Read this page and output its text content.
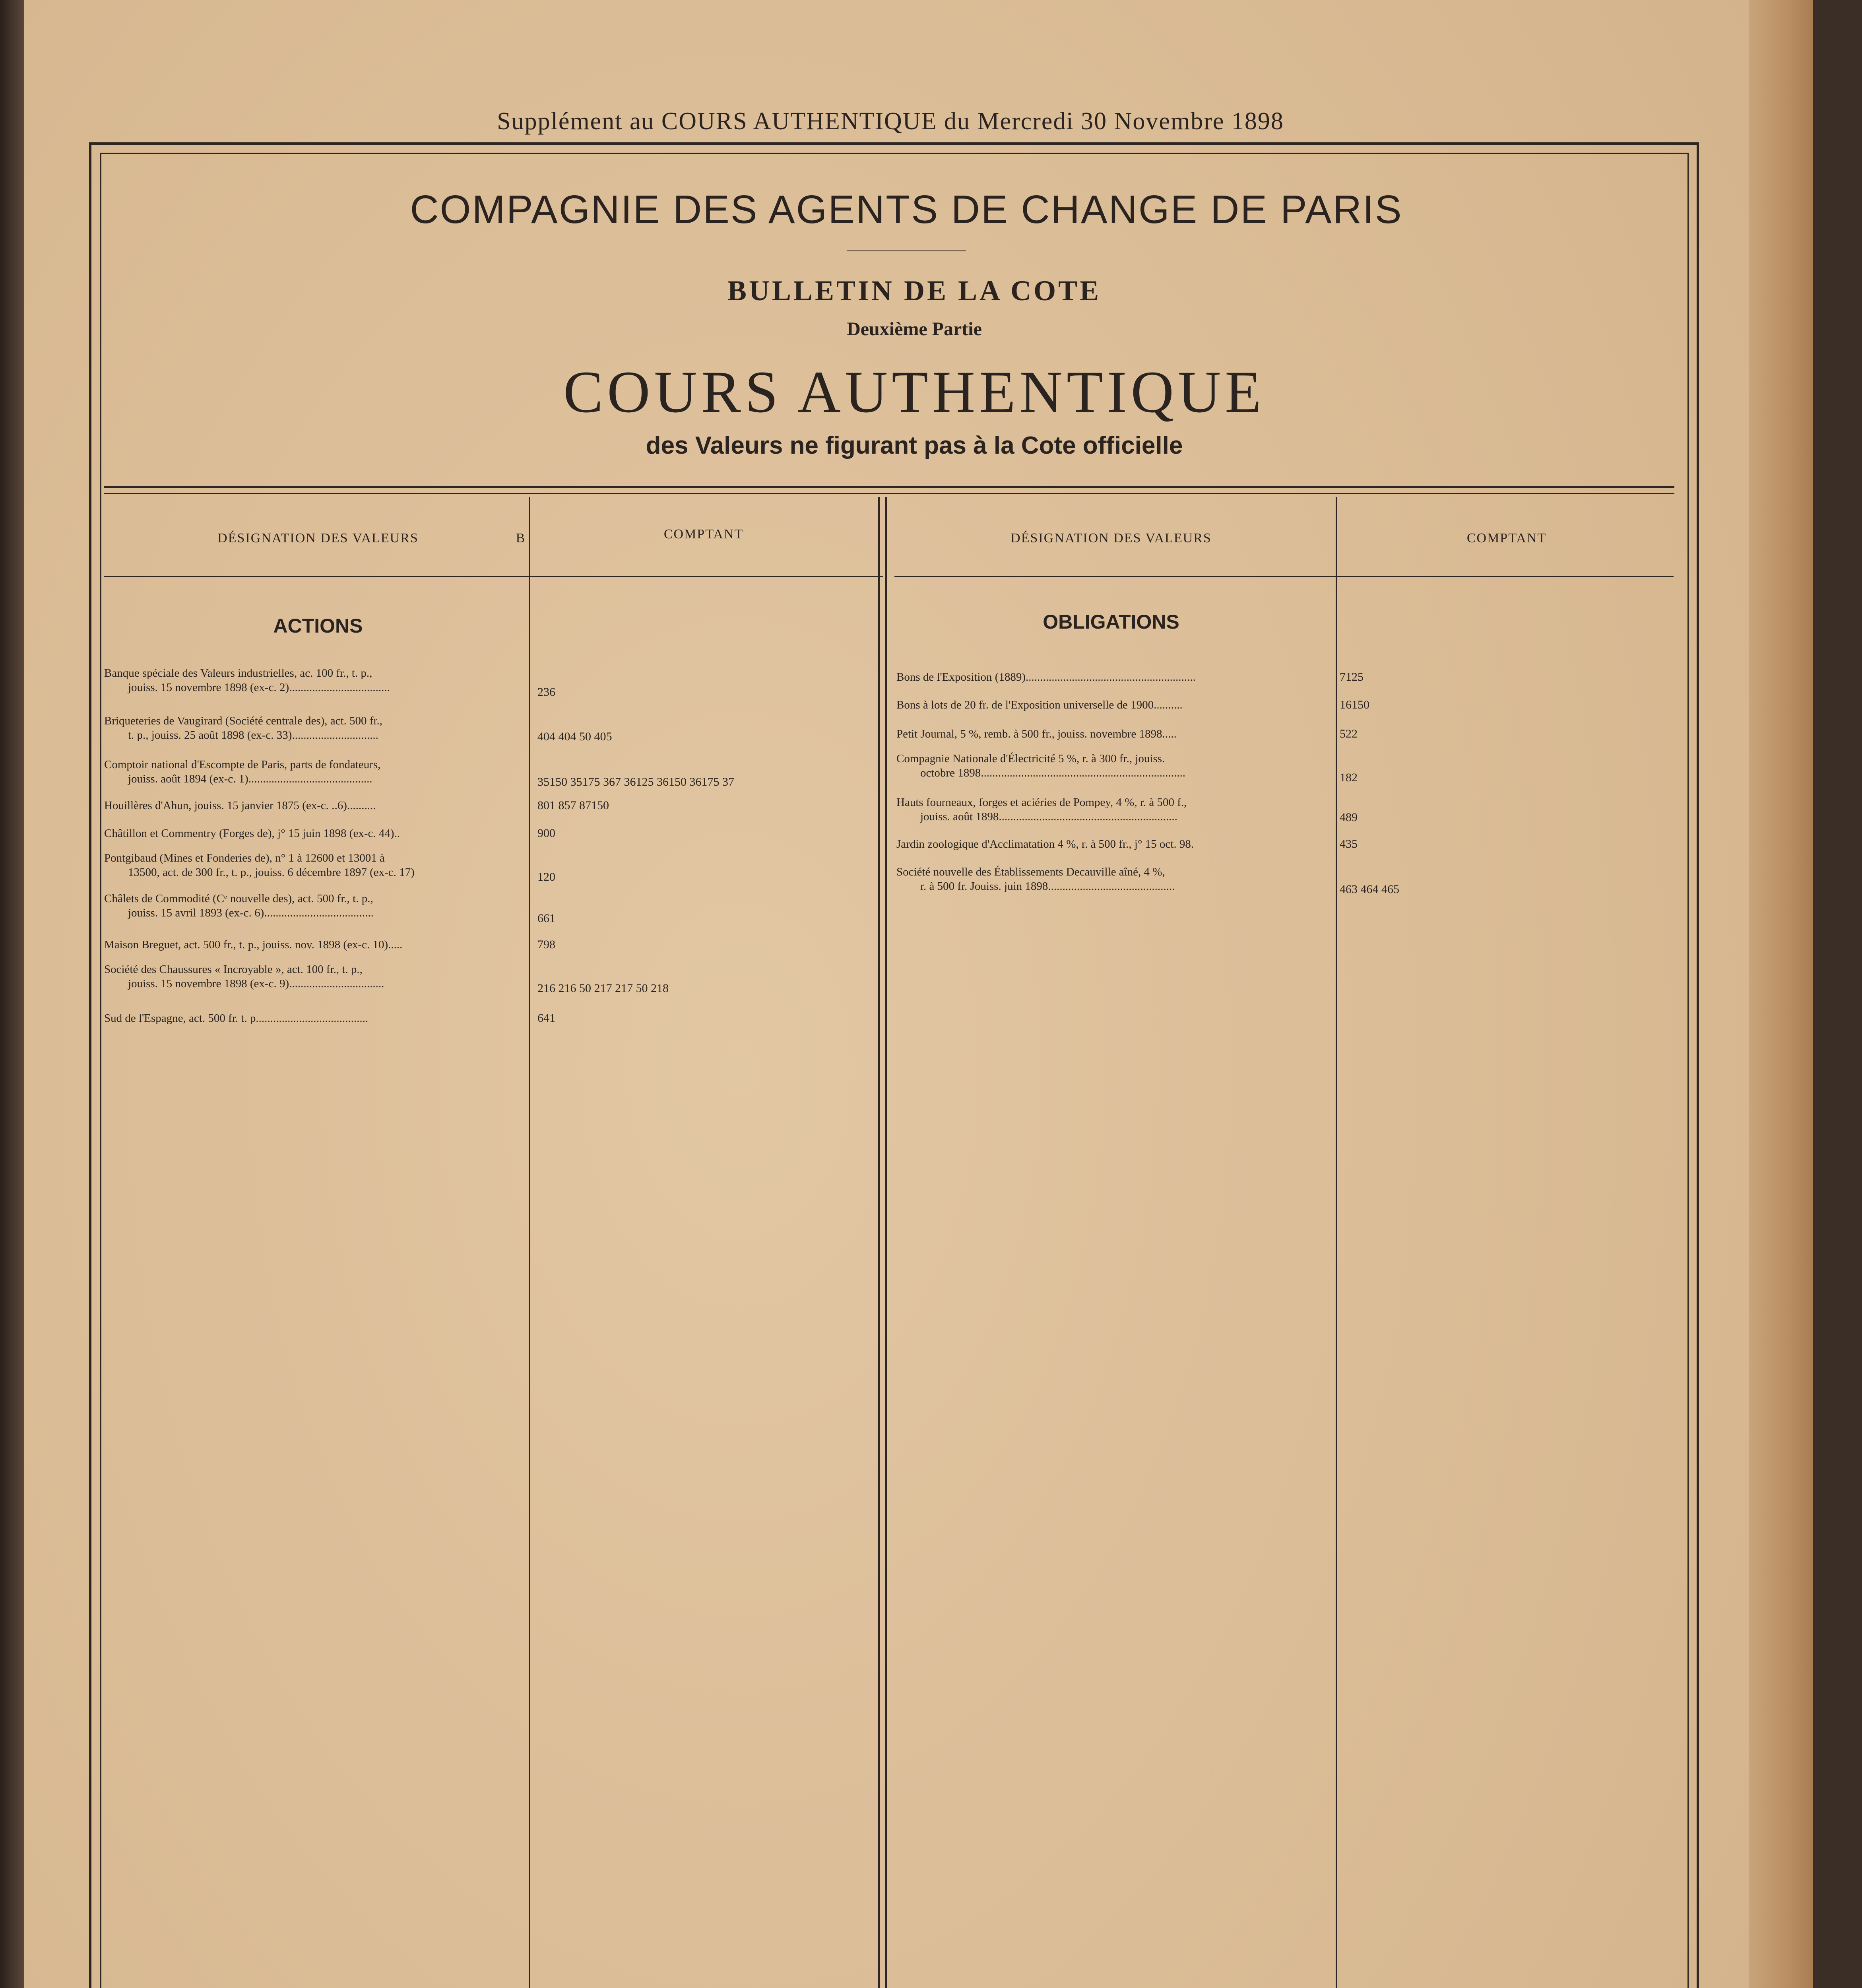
Supplément au COURS AUTHENTIQUE du Mercredi 30 Novembre 1898
COMPAGNIE DES AGENTS DE CHANGE DE PARIS
BULLETIN DE LA COTE
Deuxième Partie
COURS AUTHENTIQUE
des Valeurs ne figurant pas à la Cote officielle
DÉSIGNATION DES VALEURS	B	COMPTANT	DÉSIGNATION DES VALEURS	COMPTANT
ACTIONS	OBLIGATIONS
Banque spéciale des Valeurs industrielles, ac. 100 fr., t. p.,
jouiss. 15 novembre 1898 (ex-c. 2)...................................	236
Briqueteries de Vaugirard (Société centrale des), act. 500 fr.,
t. p., jouiss. 25 août 1898 (ex-c. 33)..............................	404 404 50 405
Comptoir national d'Escompte de Paris, parts de fondateurs,
jouiss. août 1894 (ex-c. 1)...........................................	35150 35175 367 36125 36150 36175 37
Houillères d'Ahun, jouiss. 15 janvier 1875 (ex-c. ..6)..........	801 857 87150
Châtillon et Commentry (Forges de), j° 15 juin 1898 (ex-c. 44)..	900
Pontgibaud (Mines et Fonderies de), n° 1 à 12600 et 13001 à
13500, act. de 300 fr., t. p., jouiss. 6 décembre 1897 (ex-c. 17)	120
Châlets de Commodité (Cᵉ nouvelle des), act. 500 fr., t. p.,
jouiss. 15 avril 1893 (ex-c. 6)......................................	661
Maison Breguet, act. 500 fr., t. p., jouiss. nov. 1898 (ex-c. 10).....	798
Société des Chaussures « Incroyable », act. 100 fr., t. p.,
jouiss. 15 novembre 1898 (ex-c. 9).................................	216 216 50 217 217 50 218
Sud de l'Espagne, act. 500 fr. t. p.......................................	641
Bons de l'Exposition (1889)...........................................................	7125
Bons à lots de 20 fr. de l'Exposition universelle de 1900..........	16150
Petit Journal, 5 %, remb. à 500 fr., jouiss. novembre 1898.....	522
Compagnie Nationale d'Électricité 5 %, r. à 300 fr., jouiss.
octobre 1898.......................................................................	182
Hauts fourneaux, forges et aciéries de Pompey, 4 %, r. à 500 f.,
jouiss. août 1898..............................................................	489
Jardin zoologique d'Acclimatation 4 %, r. à 500 fr., j° 15 oct. 98.	435
Société nouvelle des Établissements Decauville aîné, 4 %,
r. à 500 fr. Jouiss. juin 1898............................................	463 464 465
